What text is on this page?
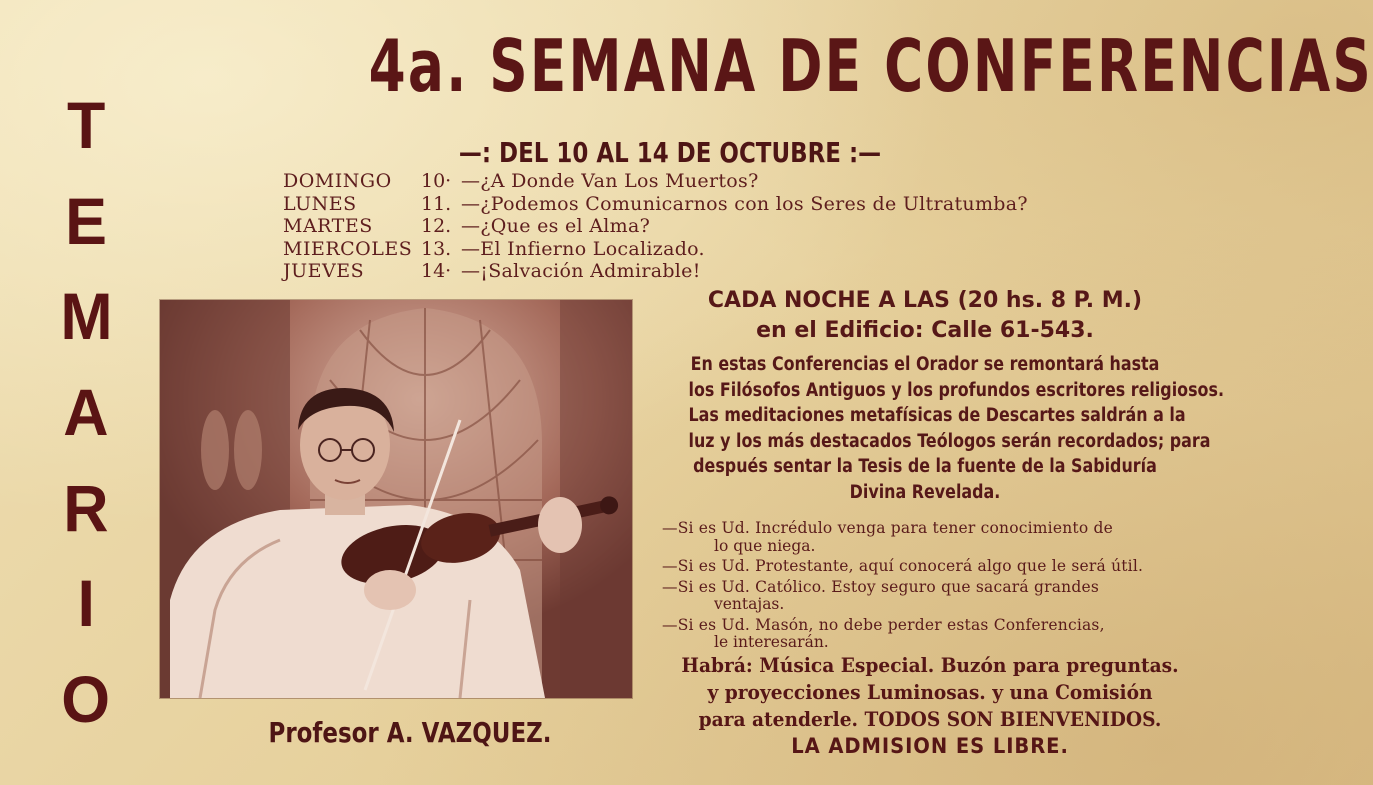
T
E
M
A
R
I
O
4a. SEMANA DE CONFERENCIAS
—: DEL 10 AL 14 DE OCTUBRE :—
DOMINGO	10· —¿A Donde Van Los Muertos?
LUNES	11. —¿Podemos Comunicarnos con los Seres de Ultratumba?
MARTES	12. —¿Que es el Alma?
MIERCOLES 13. —El Infierno Localizado.
JUEVES	14· —¡Salvación Admirable!
Profesor A. VAZQUEZ.
CADA NOCHE A LAS (20 hs. 8 P. M.)
en el Edificio: Calle 61-543.
En estas Conferencias el Orador se remontará hasta
los Filósofos Antiguos y los profundos escritores religiosos.
Las meditaciones metafísicas de Descartes saldrán a la
luz y los más destacados Teólogos serán recordados; para
después sentar la Tesis de la fuente de la Sabiduría
Divina Revelada.
—Si es Ud. Incrédulo venga para tener conocimiento de
lo que niega.
—Si es Ud. Protestante, aquí conocerá algo que le será útil.
—Si es Ud. Católico. Estoy seguro que sacará grandes
ventajas.
—Si es Ud. Masón, no debe perder estas Conferencias,
le interesarán.
Habrá: Música Especial. Buzón para preguntas.
y proyecciones Luminosas. y una Comisión
para atenderle. TODOS SON BIENVENIDOS.
LA ADMISION ES LIBRE.
